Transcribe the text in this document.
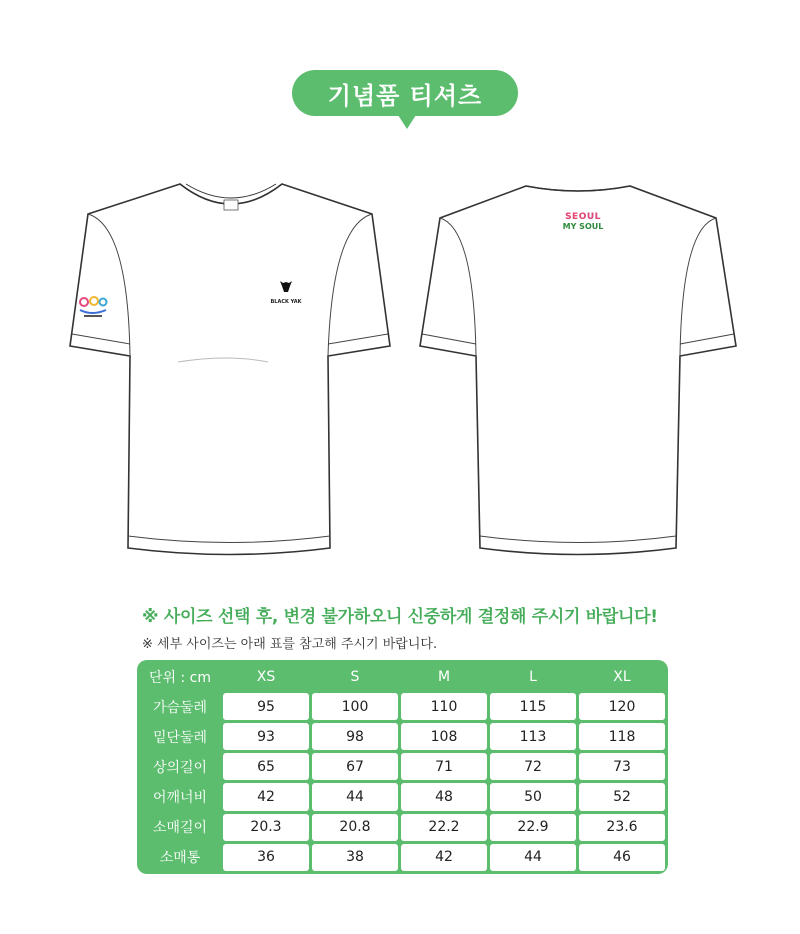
기념품 티셔츠
BLACK YAK
SEOUL
MY SOUL
※ 사이즈 선택 후, 변경 불가하오니 신중하게 결정해 주시기 바랍니다!
※ 세부 사이즈는 아래 표를 참고해 주시기 바랍니다.
단위 : cm	XS	S	M	L	XL
가슴둘레	95	100	110	115	120
밑단둘레	93	98	108	113	118
상의길이	65	67	71	72	73
어깨너비	42	44	48	50	52
소매길이	20.3	20.8	22.2	22.9	23.6
소매통	36	38	42	44	46
